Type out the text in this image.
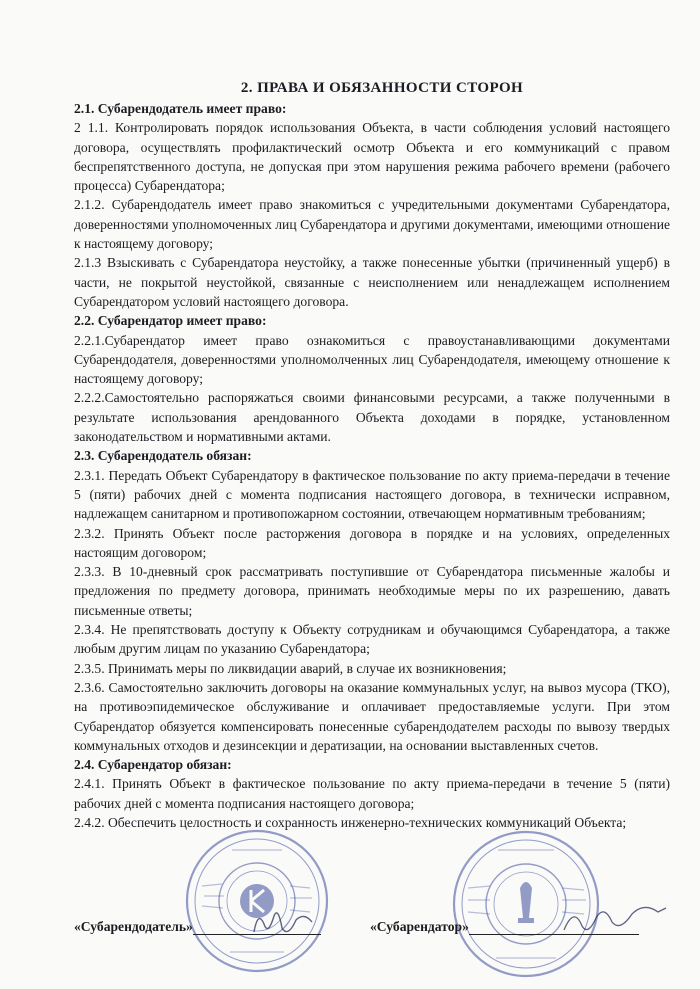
2. ПРАВА И ОБЯЗАННОСТИ СТОРОН

2.1. Субарендодатель имеет право:

2 1.1. Контролировать порядок использования Объекта, в части соблюдения условий настоящего договора, осуществлять профилактический осмотр Объекта и его коммуникаций с правом беспрепятственного доступа, не допуская при этом нарушения режима рабочего времени (рабочего процесса) Субарендатора;

2.1.2. Субарендодатель имеет право знакомиться с учредительными документами Субарендатора, доверенностями уполномоченных лиц Субарендатора и другими документами, имеющими отношение к настоящему договору;

2.1.3 Взыскивать с Субарендатора неустойку, а также понесенные убытки (причиненный ущерб) в части, не покрытой неустойкой, связанные с неисполнением или ненадлежащем исполнением Субарендатором условий настоящего договора.

2.2. Субарендатор имеет право:

2.2.1.Субарендатор имеет право ознакомиться с правоустанавливающими документами Субарендодателя, доверенностями уполномолченных лиц Субарендодателя, имеющему отношение к настоящему договору;

2.2.2.Самостоятельно распоряжаться своими финансовыми ресурсами, а также полученными в результате использования арендованного Объекта доходами в порядке, установленном законодательством и нормативными актами.

2.3. Субарендодатель обязан:

2.3.1. Передать Объект Субарендатору в фактическое пользование по акту приема-передачи в течение 5 (пяти) рабочих дней с момента подписания настоящего договора, в технически исправном, надлежащем санитарном и противопожарном состоянии, отвечающем нормативным требованиям;

2.3.2. Принять Объект после расторжения договора в порядке и на условиях, определенных настоящим договором;

2.3.3. В 10-дневный срок рассматривать поступившие от Субарендатора письменные жалобы и предложения по предмету договора, принимать необходимые меры по их разрешению, давать письменные ответы;

2.3.4. Не препятствовать доступу к Объекту сотрудникам и обучающимся Субарендатора, а также любым другим лицам по указанию Субарендатора;

2.3.5. Принимать меры по ликвидации аварий, в случае их возникновения;

2.3.6. Самостоятельно заключить договоры на оказание коммунальных услуг, на вывоз мусора (ТКО), на противоэпидемическое обслуживание и оплачивает предоставляемые услуги. При этом Субарендатор обязуется компенсировать понесенные субарендодателем расходы по вывозу твердых коммунальных отходов и дезинсекции и дератизации, на основании выставленных счетов.

2.4. Субарендатор обязан:

2.4.1. Принять Объект в фактическое пользование по акту приема-передачи в течение 5 (пяти) рабочих дней с момента подписания настоящего договора;

2.4.2. Обеспечить целостность и сохранность инженерно-технических коммуникаций Объекта;

«Субарендодатель»	«Субарендатор»
